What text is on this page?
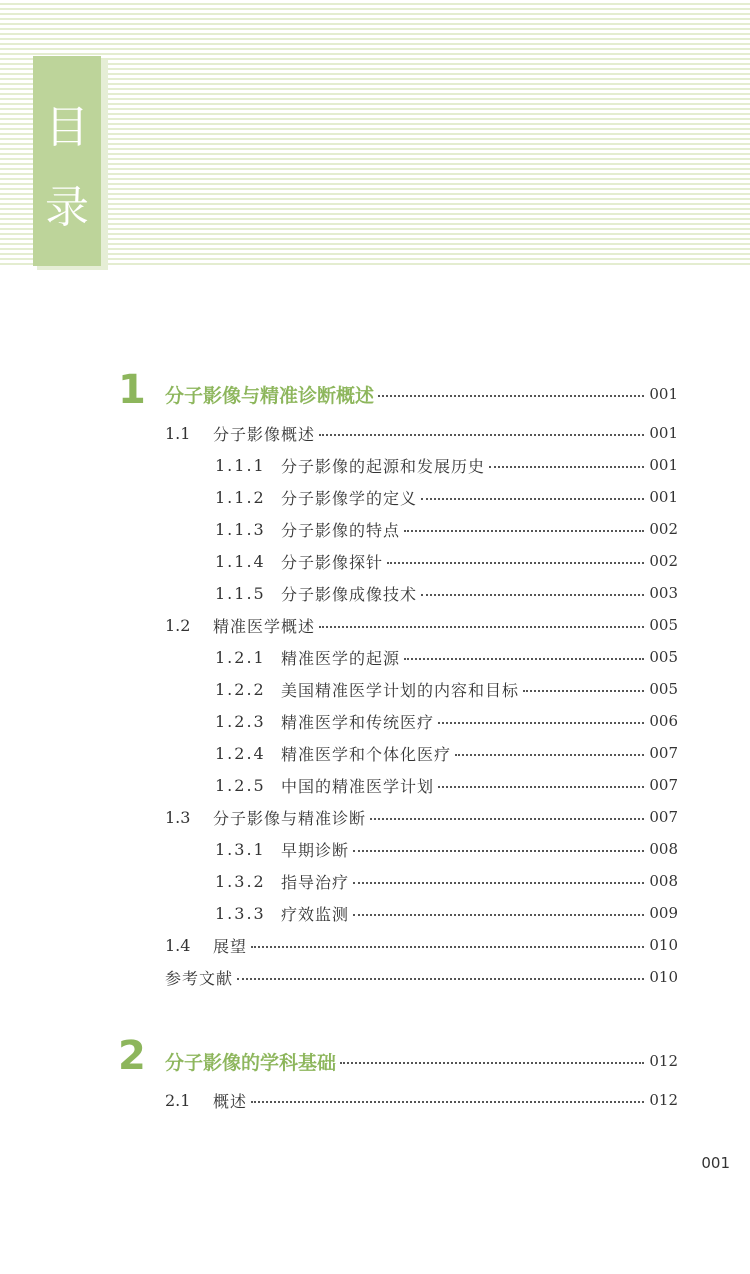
目
录
1 分子影像与精准诊断概述	001
1.1	分子影像概述	001
1.1.1 分子影像的起源和发展历史	001
1.1.2 分子影像学的定义	001
1.1.3 分子影像的特点	002
1.1.4 分子影像探针	002
1.1.5 分子影像成像技术	003
1.2	精准医学概述	005
1.2.1 精准医学的起源	005
1.2.2 美国精准医学计划的内容和目标	005
1.2.3 精准医学和传统医疗	006
1.2.4 精准医学和个体化医疗	007
1.2.5 中国的精准医学计划	007
1.3	分子影像与精准诊断	007
1.3.1 早期诊断	008
1.3.2 指导治疗	008
1.3.3 疗效监测	009
1.4	展望	010
参考文献	010
2 分子影像的学科基础	012
2.1	概述	012
001
